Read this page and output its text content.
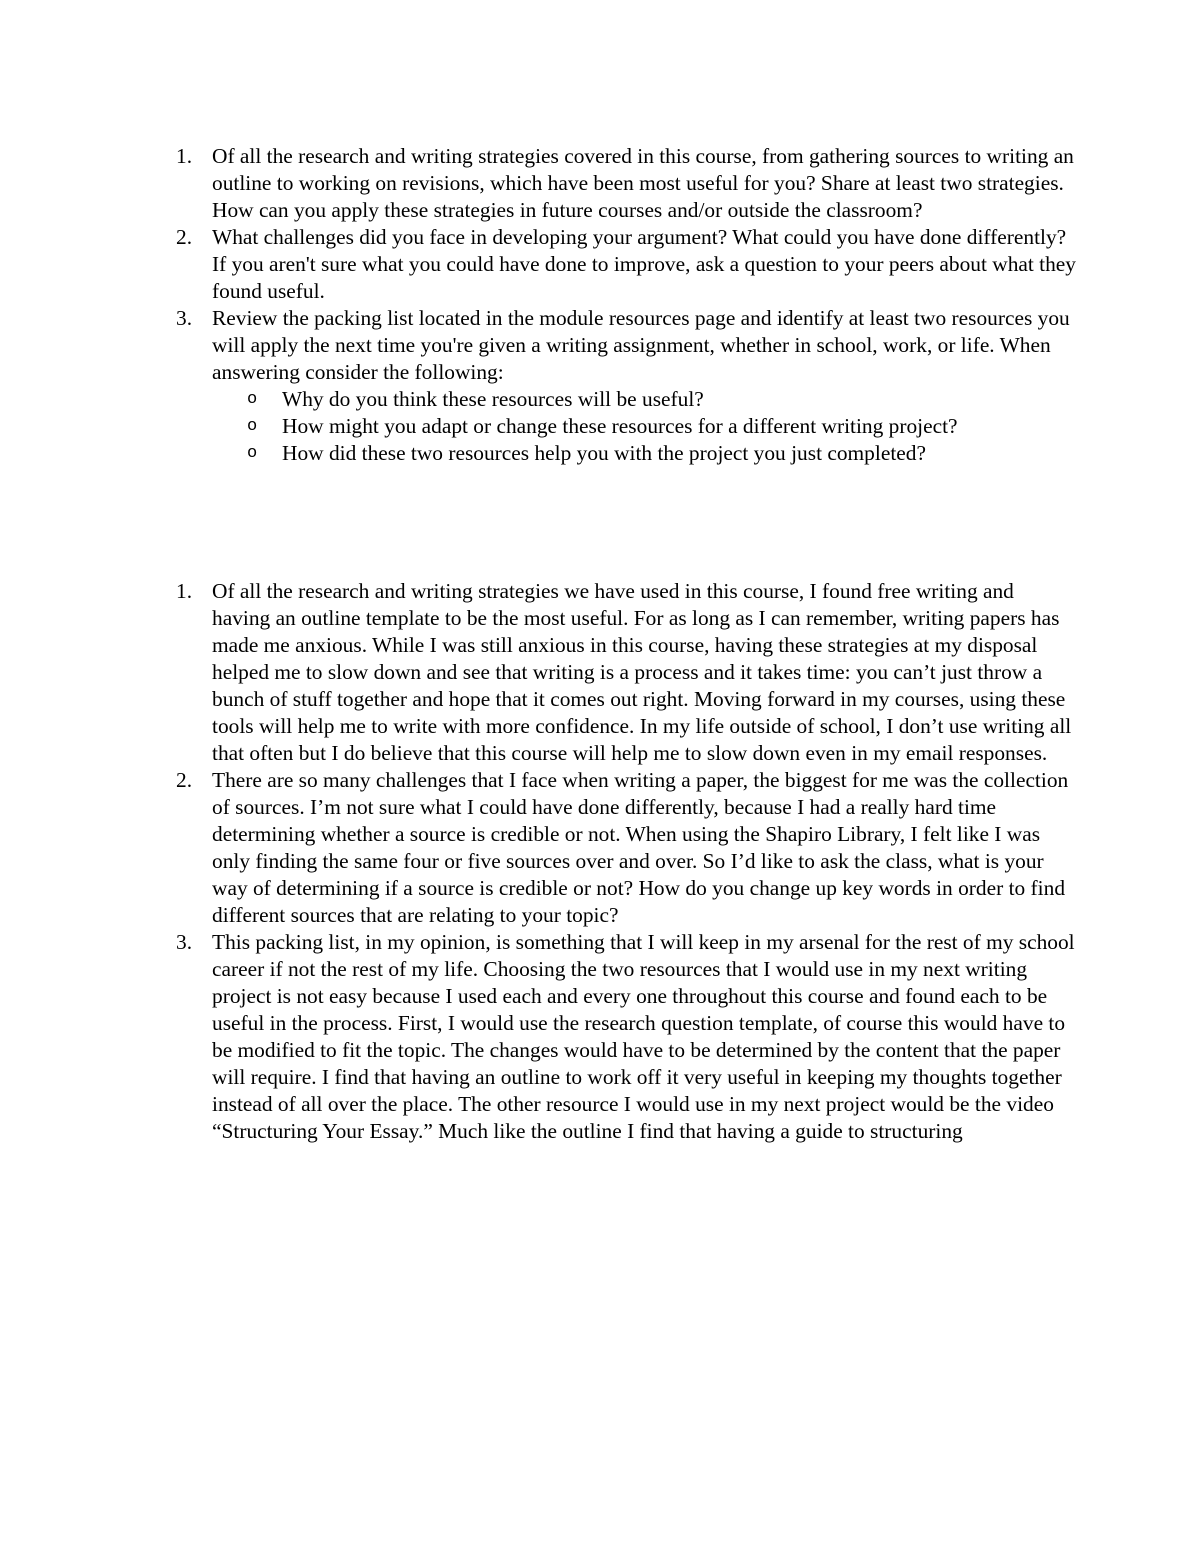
1. Of all the research and writing strategies covered in this course, from gathering sources to writing an outline to working on revisions, which have been most useful for you? Share at least two strategies. How can you apply these strategies in future courses and/or outside the classroom?
2. What challenges did you face in developing your argument? What could you have done differently? If you aren't sure what you could have done to improve, ask a question to your peers about what they found useful.
3. Review the packing list located in the module resources page and identify at least two resources you will apply the next time you're given a writing assignment, whether in school, work, or life. When answering consider the following:
o Why do you think these resources will be useful?
o How might you adapt or change these resources for a different writing project?
o How did these two resources help you with the project you just completed?
1. Of all the research and writing strategies we have used in this course, I found free writing and having an outline template to be the most useful. For as long as I can remember, writing papers has made me anxious. While I was still anxious in this course, having these strategies at my disposal helped me to slow down and see that writing is a process and it takes time: you can’t just throw a bunch of stuff together and hope that it comes out right. Moving forward in my courses, using these tools will help me to write with more confidence. In my life outside of school, I don’t use writing all that often but I do believe that this course will help me to slow down even in my email responses.
2. There are so many challenges that I face when writing a paper, the biggest for me was the collection of sources. I’m not sure what I could have done differently, because I had a really hard time determining whether a source is credible or not. When using the Shapiro Library, I felt like I was only finding the same four or five sources over and over. So I’d like to ask the class, what is your way of determining if a source is credible or not? How do you change up key words in order to find different sources that are relating to your topic?
3. This packing list, in my opinion, is something that I will keep in my arsenal for the rest of my school career if not the rest of my life. Choosing the two resources that I would use in my next writing project is not easy because I used each and every one throughout this course and found each to be useful in the process. First, I would use the research question template, of course this would have to be modified to fit the topic. The changes would have to be determined by the content that the paper will require. I find that having an outline to work off it very useful in keeping my thoughts together instead of all over the place. The other resource I would use in my next project would be the video “Structuring Your Essay.” Much like the outline I find that having a guide to structuring
